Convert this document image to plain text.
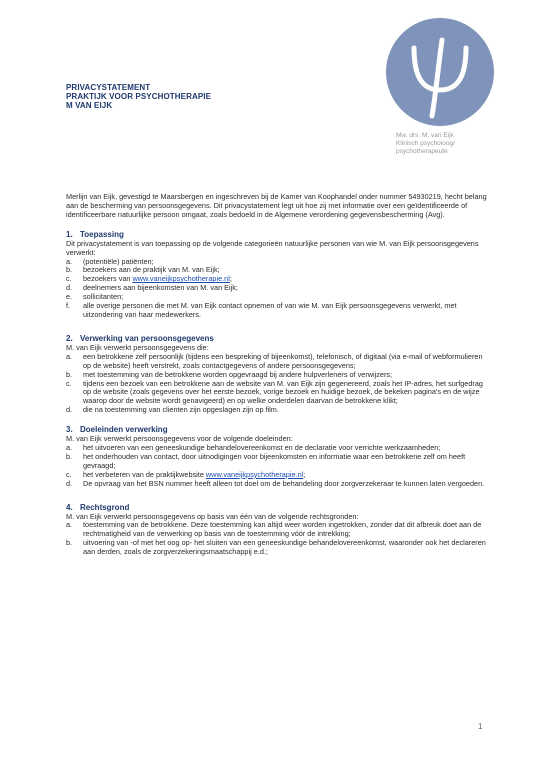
PRIVACYSTATEMENT
PRAKTIJK VOOR PSYCHOTHERAPIE
M VAN EIJK
Mw. drs. M. van Eijk
Klinisch psycholoog/
psychotherapeute

Merlijn van Eijk, gevestigd te Maarsbergen en ingeschreven bij de Kamer van Koophandel onder nummer 54930219, hecht belang aan de bescherming van persoonsgegevens. Dit privacystatement legt uit hoe zij met informatie over een geïdentificeerde of identificeerbare natuurlijke persoon omgaat, zoals bedoeld in de Algemene verordening gegevensbescherming (Avg).

1. Toepassing
Dit privacystatement is van toepassing op de volgende categorieën natuurlijke personen van wie M. van Eijk persoonsgegevens verwerkt:
a. (potentiële) patiënten;
b. bezoekers aan de praktijk van M. van Eijk;
c. bezoekers van www.vaneijkpsychotherapie.nl;
d. deelnemers aan bijeenkomsten van M. van Eijk;
e. sollicitanten;
f. alle overige personen die met M. van Eijk contact opnemen of van wie M. van Eijk persoonsgegevens verwerkt, met uitzondering van haar medewerkers.
2. Verwerking van persoonsgegevens
M. van Eijk verwerkt persoonsgegevens die:
a. een betrokkene zelf persoonlijk (tijdens een bespreking of bijeenkomst), telefonisch, of digitaal (via e-mail of webformulieren op de website) heeft verstrekt, zoals contactgegevens of andere persoonsgegevens;
b. met toestemming van de betrokkene worden opgevraagd bij andere hulpverleners of verwijzers;
c. tijdens een bezoek van een betrokkene aan de website van M. van Eijk zijn gegenereerd, zoals het IP-adres, het surfgedrag op de website (zoals gegevens over het eerste bezoek, vorige bezoek en huidige bezoek, de bekeken pagina's en de wijze waarop door de website wordt genavigeerd) en op welke onderdelen daarvan de betrokkene klikt;
d. die na toestemming van clienten zijn opgeslagen zijn op film.
3. Doeleinden verwerking
M. van Eijk verwerkt persoonsgegevens voor de volgende doeleinden:
a. het uitvoeren van een geneeskundige behandelovereenkomst en de declaratie voor verrichte werkzaamheden;
b. het onderhouden van contact, door uitnodigingen voor bijeenkomsten en informatie waar een betrokkene zelf om heeft gevraagd;
c. het verbeteren van de praktijkwebsite www.vaneijkpsychotherapie.nl;
d. De opvraag van het BSN nummer heeft alleen tot doel om de behandeling door zorgverzekeraar te kunnen laten vergoeden.
4. Rechtsgrond
M. van Eijk verwerkt persoonsgegevens op basis van één van de volgende rechtsgronden:
a. toestemming van de betrokkene. Deze toestemming kan altijd weer worden ingetrokken, zonder dat dit afbreuk doet aan de rechtmatigheid van de verwerking op basis van de toestemming vóór de intrekking;
b. uitvoering van -of met het oog op- het sluiten van een geneeskundige behandelovereenkomst, waaronder ook het declareren aan derden, zoals de zorgverzekeringsmaatschappij e.d.;
1
